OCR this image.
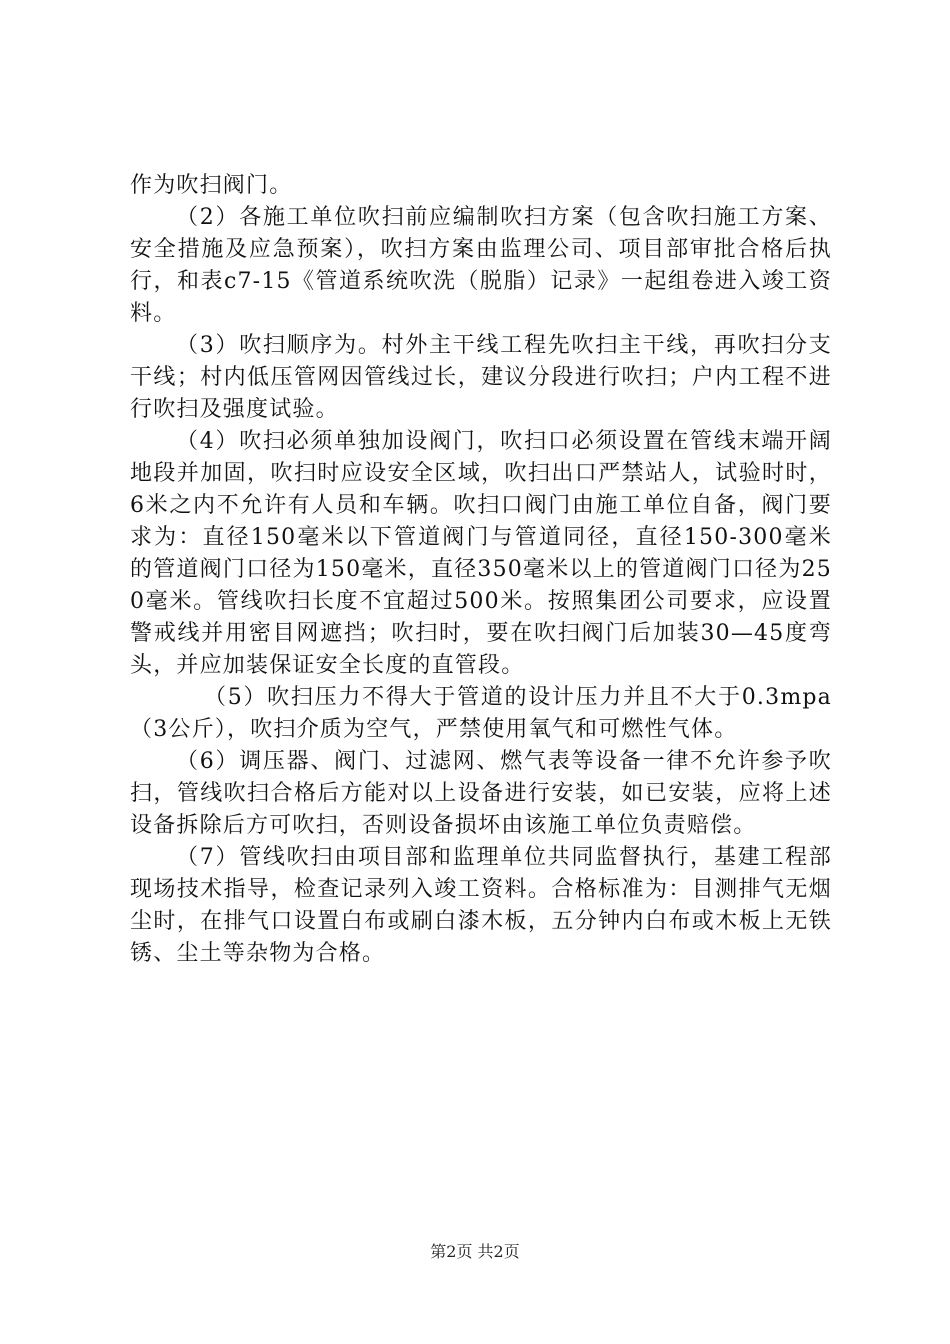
作为吹扫阀门。

（2）各施工单位吹扫前应编制吹扫方案（包含吹扫施工方案、安全措施及应急预案），吹扫方案由监理公司、项目部审批合格后执行，和表c7-15《管道系统吹洗（脱脂）记录》一起组卷进入竣工资料。

（3）吹扫顺序为。村外主干线工程先吹扫主干线，再吹扫分支干线；村内低压管网因管线过长，建议分段进行吹扫；户内工程不进行吹扫及强度试验。

（4）吹扫必须单独加设阀门，吹扫口必须设置在管线末端开阔地段并加固，吹扫时应设安全区域，吹扫出口严禁站人，试验时时，6米之内不允许有人员和车辆。吹扫口阀门由施工单位自备，阀门要求为：直径150毫米以下管道阀门与管道同径，直径150-300毫米的管道阀门口径为150毫米，直径350毫米以上的管道阀门口径为250毫米。管线吹扫长度不宜超过500米。按照集团公司要求，应设置警戒线并用密目网遮挡；吹扫时，要在吹扫阀门后加装30—45度弯头，并应加装保证安全长度的直管段。

（5）吹扫压力不得大于管道的设计压力并且不大于0.3mpa（3公斤），吹扫介质为空气，严禁使用氧气和可燃性气体。

（6）调压器、阀门、过滤网、燃气表等设备一律不允许参予吹扫，管线吹扫合格后方能对以上设备进行安装，如已安装，应将上述设备拆除后方可吹扫，否则设备损坏由该施工单位负责赔偿。

（7）管线吹扫由项目部和监理单位共同监督执行，基建工程部现场技术指导，检查记录列入竣工资料。合格标准为：目测排气无烟尘时，在排气口设置白布或刷白漆木板，五分钟内白布或木板上无铁锈、尘土等杂物为合格。

第2页 共2页
